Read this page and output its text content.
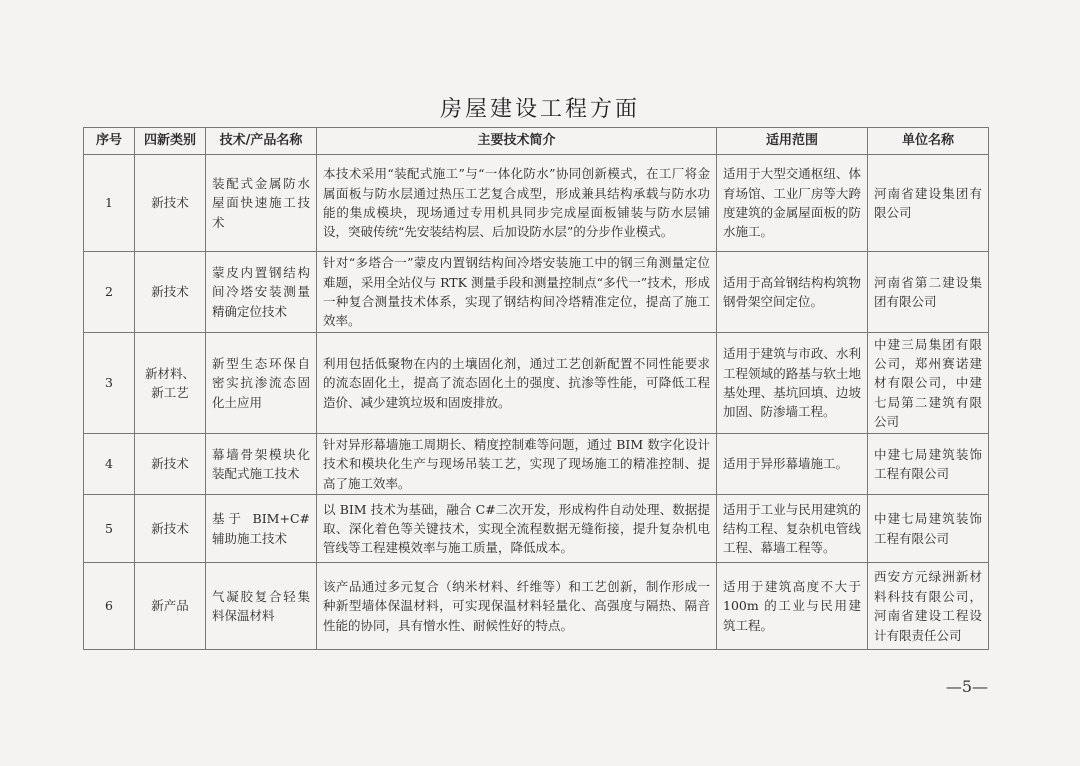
房屋建设工程方面
序号	四新类别	技术/产品名称	主要技术简介	适用范围	单位名称
1	新技术	装配式金属防水屋面快速施工技术	本技术采用“装配式施工”与“一体化防水”协同创新模式，在工厂将金属面板与防水层通过热压工艺复合成型，形成兼具结构承载与防水功能的集成模块，现场通过专用机具同步完成屋面板铺装与防水层铺设，突破传统“先安装结构层、后加设防水层”的分步作业模式。	适用于大型交通枢纽、体育场馆、工业厂房等大跨度建筑的金属屋面板的防水施工。	河南省建设集团有限公司
2	新技术	蒙皮内置钢结构间冷塔安装测量精确定位技术	针对“多塔合一”蒙皮内置钢结构间冷塔安装施工中的钢三角测量定位难题，采用全站仪与 RTK 测量手段和测量控制点“多代一”技术，形成一种复合测量技术体系，实现了钢结构间冷塔精准定位，提高了施工效率。	适用于高耸钢结构构筑物钢骨架空间定位。	河南省第二建设集团有限公司
3	新材料、新工艺	新型生态环保自密实抗渗流态固化土应用	利用包括低聚物在内的土壤固化剂，通过工艺创新配置不同性能要求的流态固化土，提高了流态固化土的强度、抗渗等性能，可降低工程造价、减少建筑垃圾和固废排放。	适用于建筑与市政、水利工程领域的路基与软土地基处理、基坑回填、边坡加固、防渗墙工程。	中建三局集团有限公司，郑州赛诺建材有限公司，中建七局第二建筑有限公司
4	新技术	幕墙骨架模块化装配式施工技术	针对异形幕墙施工周期长、精度控制难等问题，通过 BIM 数字化设计技术和模块化生产与现场吊装工艺，实现了现场施工的精准控制、提高了施工效率。	适用于异形幕墙施工。	中建七局建筑装饰工程有限公司
5	新技术	基于 BIM+C# 辅助施工技术	以 BIM 技术为基础，融合 C#二次开发，形成构件自动处理、数据提取、深化着色等关键技术，实现全流程数据无缝衔接，提升复杂机电管线等工程建模效率与施工质量，降低成本。	适用于工业与民用建筑的结构工程、复杂机电管线工程、幕墙工程等。	中建七局建筑装饰工程有限公司
6	新产品	气凝胶复合轻集料保温材料	该产品通过多元复合（纳米材料、纤维等）和工艺创新，制作形成一种新型墙体保温材料，可实现保温材料轻量化、高强度与隔热、隔音性能的协同，具有憎水性、耐候性好的特点。	适用于建筑高度不大于 100m 的工业与民用建筑工程。	西安方元绿洲新材料科技有限公司，河南省建设工程设计有限责任公司
—5—
